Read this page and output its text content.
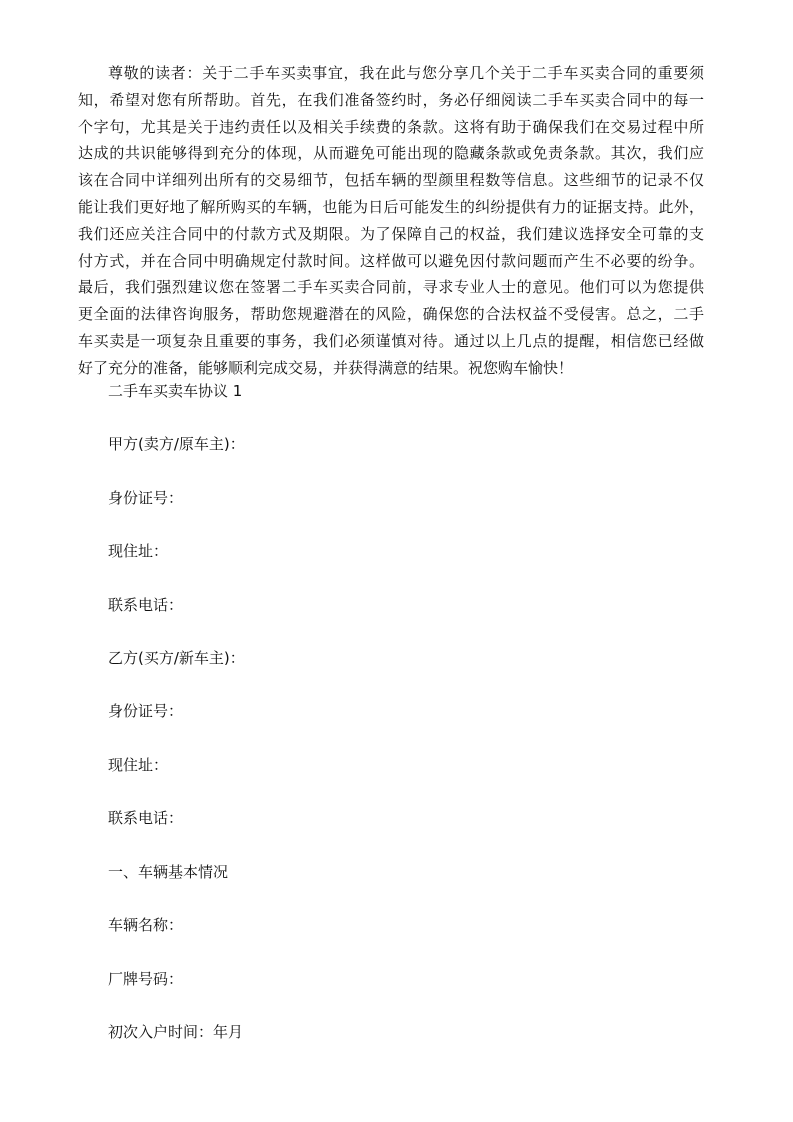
尊敬的读者：关于二手车买卖事宜，我在此与您分享几个关于二手车买卖合同的重要须
知，希望对您有所帮助。首先，在我们准备签约时，务必仔细阅读二手车买卖合同中的每一
个字句，尤其是关于违约责任以及相关手续费的条款。这将有助于确保我们在交易过程中所
达成的共识能够得到充分的体现，从而避免可能出现的隐藏条款或免责条款。其次，我们应
该在合同中详细列出所有的交易细节，包括车辆的型颜里程数等信息。这些细节的记录不仅
能让我们更好地了解所购买的车辆，也能为日后可能发生的纠纷提供有力的证据支持。此外，
我们还应关注合同中的付款方式及期限。为了保障自己的权益，我们建议选择安全可靠的支
付方式，并在合同中明确规定付款时间。这样做可以避免因付款问题而产生不必要的纷争。
最后，我们强烈建议您在签署二手车买卖合同前，寻求专业人士的意见。他们可以为您提供
更全面的法律咨询服务，帮助您规避潜在的风险，确保您的合法权益不受侵害。总之，二手
车买卖是一项复杂且重要的事务，我们必须谨慎对待。通过以上几点的提醒，相信您已经做
好了充分的准备，能够顺利完成交易，并获得满意的结果。祝您购车愉快！
二手车买卖车协议 1
甲方(卖方/原车主)：
身份证号：
现住址：
联系电话：
乙方(买方/新车主)：
身份证号：
现住址：
联系电话：
一、车辆基本情况
车辆名称：
厂牌号码：
初次入户时间：年月
